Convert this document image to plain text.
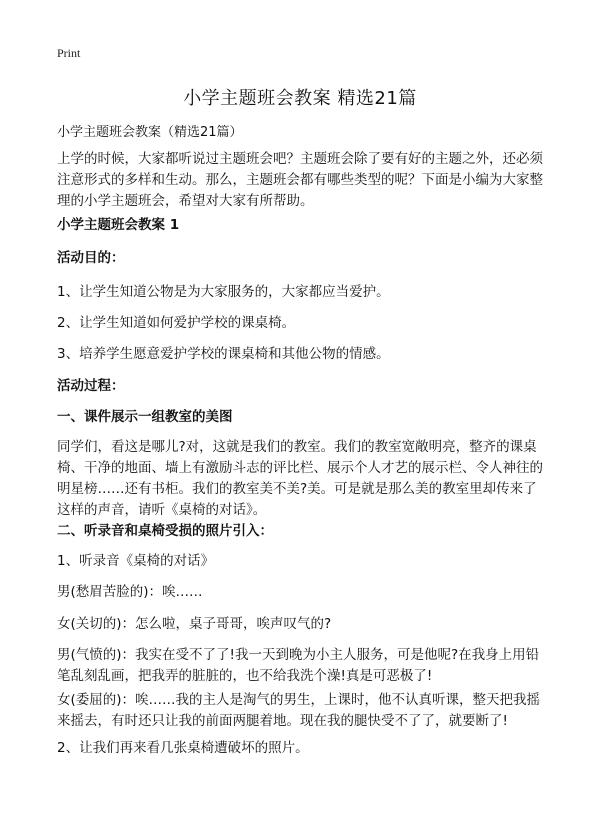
Print
小学主题班会教案 精选21篇
小学主题班会教案（精选21篇）
上学的时候，大家都听说过主题班会吧？主题班会除了要有好的主题之外，还必须注意形式的多样和生动。那么，主题班会都有哪些类型的呢？下面是小编为大家整理的小学主题班会，希望对大家有所帮助。
小学主题班会教案 1
活动目的：
1、让学生知道公物是为大家服务的，大家都应当爱护。
2、让学生知道如何爱护学校的课桌椅。
3、培养学生愿意爱护学校的课桌椅和其他公物的情感。
活动过程：
一、课件展示一组教室的美图
同学们，看这是哪儿?对，这就是我们的教室。我们的教室宽敞明亮，整齐的课桌椅、干净的地面、墙上有激励斗志的评比栏、展示个人才艺的展示栏、令人神往的明星榜……还有书柜。我们的教室美不美?美。可是就是那么美的教室里却传来了这样的声音，请听《桌椅的对话》。
二、听录音和桌椅受损的照片引入：
1、听录音《桌椅的对话》
男(愁眉苦脸的)：唉……
女(关切的)：怎么啦，桌子哥哥，唉声叹气的?
男(气愤的)：我实在受不了了!我一天到晚为小主人服务，可是他呢?在我身上用铅笔乱刻乱画，把我弄的脏脏的，也不给我洗个澡!真是可恶极了!
女(委屈的)：唉……我的主人是淘气的男生，上课时，他不认真听课，整天把我摇来摇去，有时还只让我的前面两腿着地。现在我的腿快受不了了，就要断了!
2、让我们再来看几张桌椅遭破坏的照片。
